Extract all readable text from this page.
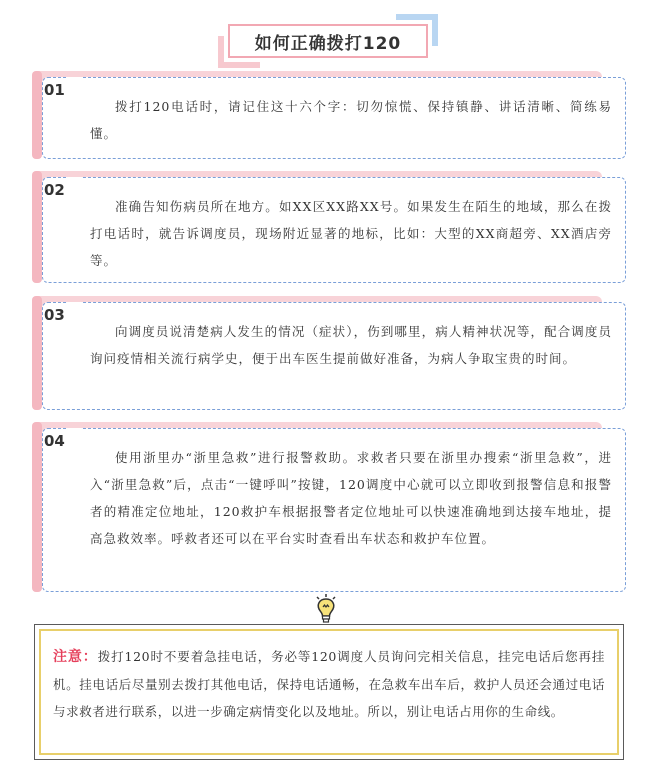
如何正确拨打120
01
拨打120电话时，请记住这十六个字：切勿惊慌、保持镇静、讲话清晰、简练易懂。
02
准确告知伤病员所在地方。如XX区XX路XX号。如果发生在陌生的地域，那么在拨打电话时，就告诉调度员，现场附近显著的地标，比如：大型的XX商超旁、XX酒店旁等。
03
向调度员说清楚病人发生的情况（症状），伤到哪里，病人精神状况等，配合调度员询问疫情相关流行病学史，便于出车医生提前做好准备，为病人争取宝贵的时间。
04
使用浙里办“浙里急救”进行报警救助。求救者只要在浙里办搜索“浙里急救”，进入“浙里急救”后，点击“一键呼叫”按键，120调度中心就可以立即收到报警信息和报警者的精准定位地址，120救护车根据报警者定位地址可以快速准确地到达接车地址，提高急救效率。呼救者还可以在平台实时查看出车状态和救护车位置。
注意：拨打120时不要着急挂电话，务必等120调度人员询问完相关信息，挂完电话后您再挂机。挂电话后尽量别去拨打其他电话，保持电话通畅，在急救车出车后，救护人员还会通过电话与求救者进行联系，以进一步确定病情变化以及地址。所以，别让电话占用你的生命线。
